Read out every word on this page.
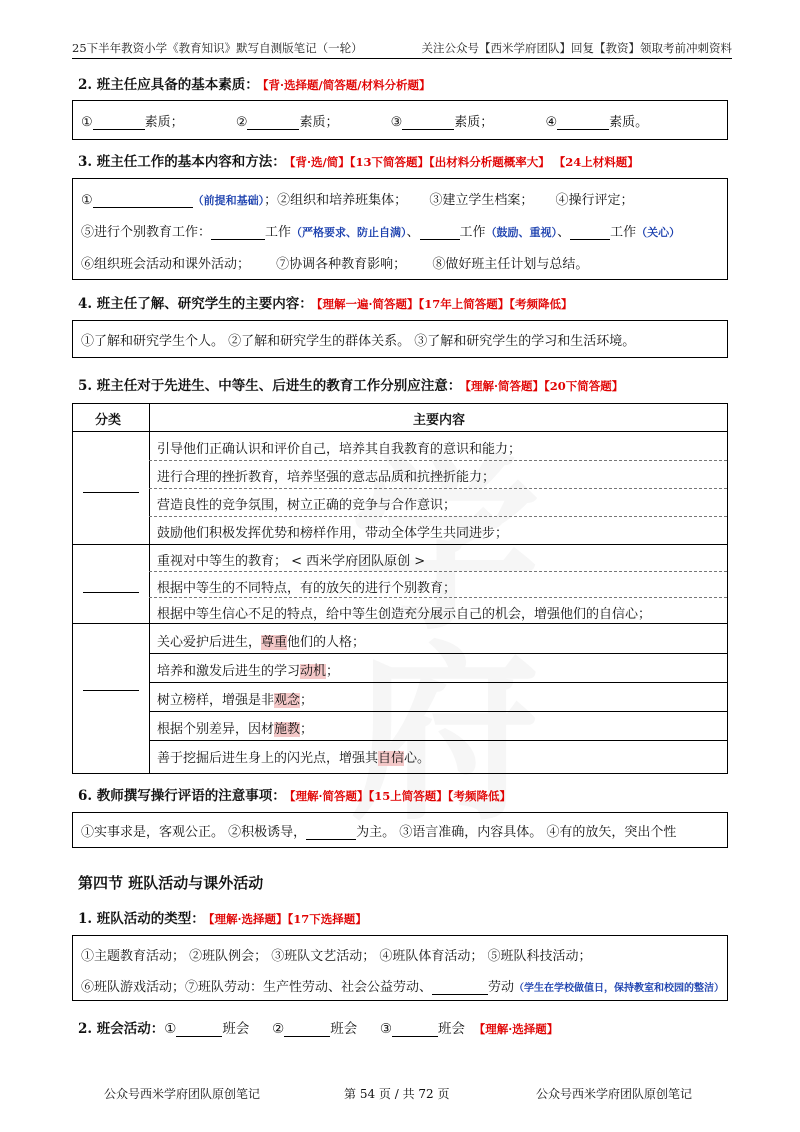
25下半年教资小学《教育知识》默写自测版笔记（一轮）	关注公众号【西米学府团队】回复【教资】领取考前冲刺资料
2. 班主任应具备的基本素质： 【背·选择题/简答题/材料分析题】
①	素质；	②	素质；	③	素质；	④	素质。
3. 班主任工作的基本内容和方法： 【背·选/简】【13下简答题】【出材料分析题概率大】 【24上材料题】
①	（前提和基础）；②组织和培养班集体； ③建立学生档案； ④操行评定；
⑤进行个别教育工作：	工作（严格要求、防止自满）、	工作（鼓励、重视）、	工作（关心）
⑥组织班会活动和课外活动； ⑦协调各种教育影响； ⑧做好班主任计划与总结。
4. 班主任了解、研究学生的主要内容： 【理解一遍·简答题】【17年上简答题】【考频降低】
①了解和研究学生个人。 ②了解和研究学生的群体关系。 ③了解和研究学生的学习和生活环境。
5. 班主任对于先进生、中等生、后进生的教育工作分别应注意： 【理解·简答题】【20下简答题】
分类	主要内容
引导他们正确认识和评价自己，培养其自我教育的意识和能力；
进行合理的挫折教育，培养坚强的意志品质和抗挫折能力；
营造良性的竞争氛围，树立正确的竞争与合作意识；
鼓励他们积极发挥优势和榜样作用，带动全体学生共同进步；
重视对中等生的教育； < 西米学府团队原创 >
根据中等生的不同特点，有的放矢的进行个别教育；
根据中等生信心不足的特点，给中等生创造充分展示自己的机会，增强他们的自信心；
关心爱护后进生，尊重他们的人格；
培养和激发后进生的学习动机；
树立榜样，增强是非观念；
根据个别差异，因材施教；
善于挖掘后进生身上的闪光点，增强其自信心。
6. 教师撰写操行评语的注意事项： 【理解·简答题】【15上简答题】【考频降低】
①实事求是，客观公正。 ②积极诱导，	为主。 ③语言准确，内容具体。 ④有的放矢，突出个性
第四节 班队活动与课外活动
1. 班队活动的类型： 【理解·选择题】【17下选择题】
①主题教育活动； ②班队例会； ③班队文艺活动； ④班队体育活动； ⑤班队科技活动；
⑥班队游戏活动；⑦班队劳动：生产性劳动、社会公益劳动、	劳动（学生在学校做值日，保持教室和校园的整洁）
2. 班会活动：①	班会 ②	班会 ③	班会 【理解·选择题】
公众号西米学府团队原创笔记	第 54 页 / 共 72 页	公众号西米学府团队原创笔记
